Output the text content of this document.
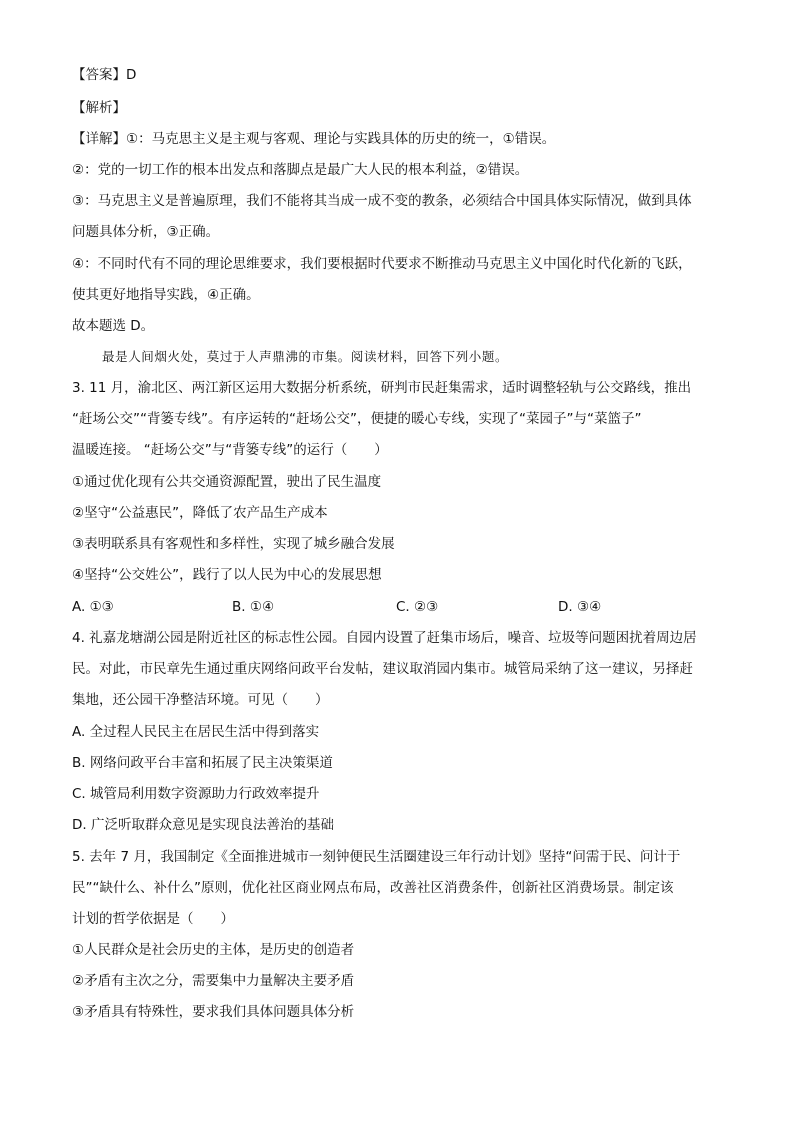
【答案】D
【解析】
【详解】①：马克思主义是主观与客观、理论与实践具体的历史的统一，①错误。
②：党的一切工作的根本出发点和落脚点是最广大人民的根本利益，②错误。
③：马克思主义是普遍原理，我们不能将其当成一成不变的教条，必须结合中国具体实际情况，做到具体
问题具体分析，③正确。
④：不同时代有不同的理论思维要求，我们要根据时代要求不断推动马克思主义中国化时代化新的飞跃，
使其更好地指导实践，④正确。
故本题选 D。
最是人间烟火处，莫过于人声鼎沸的市集。阅读材料，回答下列小题。
3. 11 月，渝北区、两江新区运用大数据分析系统，研判市民赶集需求，适时调整轻轨与公交路线，推出
“赶场公交”“背篓专线”。有序运转的“赶场公交”，便捷的暖心专线，实现了“菜园子”与“菜篮子”
温暖连接。 “赶场公交”与“背篓专线”的运行（　　）
①通过优化现有公共交通资源配置，驶出了民生温度
②坚守“公益惠民”，降低了农产品生产成本
③表明联系具有客观性和多样性，实现了城乡融合发展
④坚持“公交姓公”，践行了以人民为中心的发展思想
A. ①③	B. ①④	C. ②③	D. ③④
4. 礼嘉龙塘湖公园是附近社区的标志性公园。自园内设置了赶集市场后，噪音、垃圾等问题困扰着周边居
民。对此，市民章先生通过重庆网络问政平台发帖，建议取消园内集市。城管局采纳了这一建议，另择赶
集地，还公园干净整洁环境。可见（　　）
A. 全过程人民民主在居民生活中得到落实
B. 网络问政平台丰富和拓展了民主决策渠道
C. 城管局利用数字资源助力行政效率提升
D. 广泛听取群众意见是实现良法善治的基础
5. 去年 7 月，我国制定《全面推进城市一刻钟便民生活圈建设三年行动计划》坚持“问需于民、问计于
民”“缺什么、补什么”原则，优化社区商业网点布局，改善社区消费条件，创新社区消费场景。制定该
计划的哲学依据是（　　）
①人民群众是社会历史的主体，是历史的创造者
②矛盾有主次之分，需要集中力量解决主要矛盾
③矛盾具有特殊性，要求我们具体问题具体分析
